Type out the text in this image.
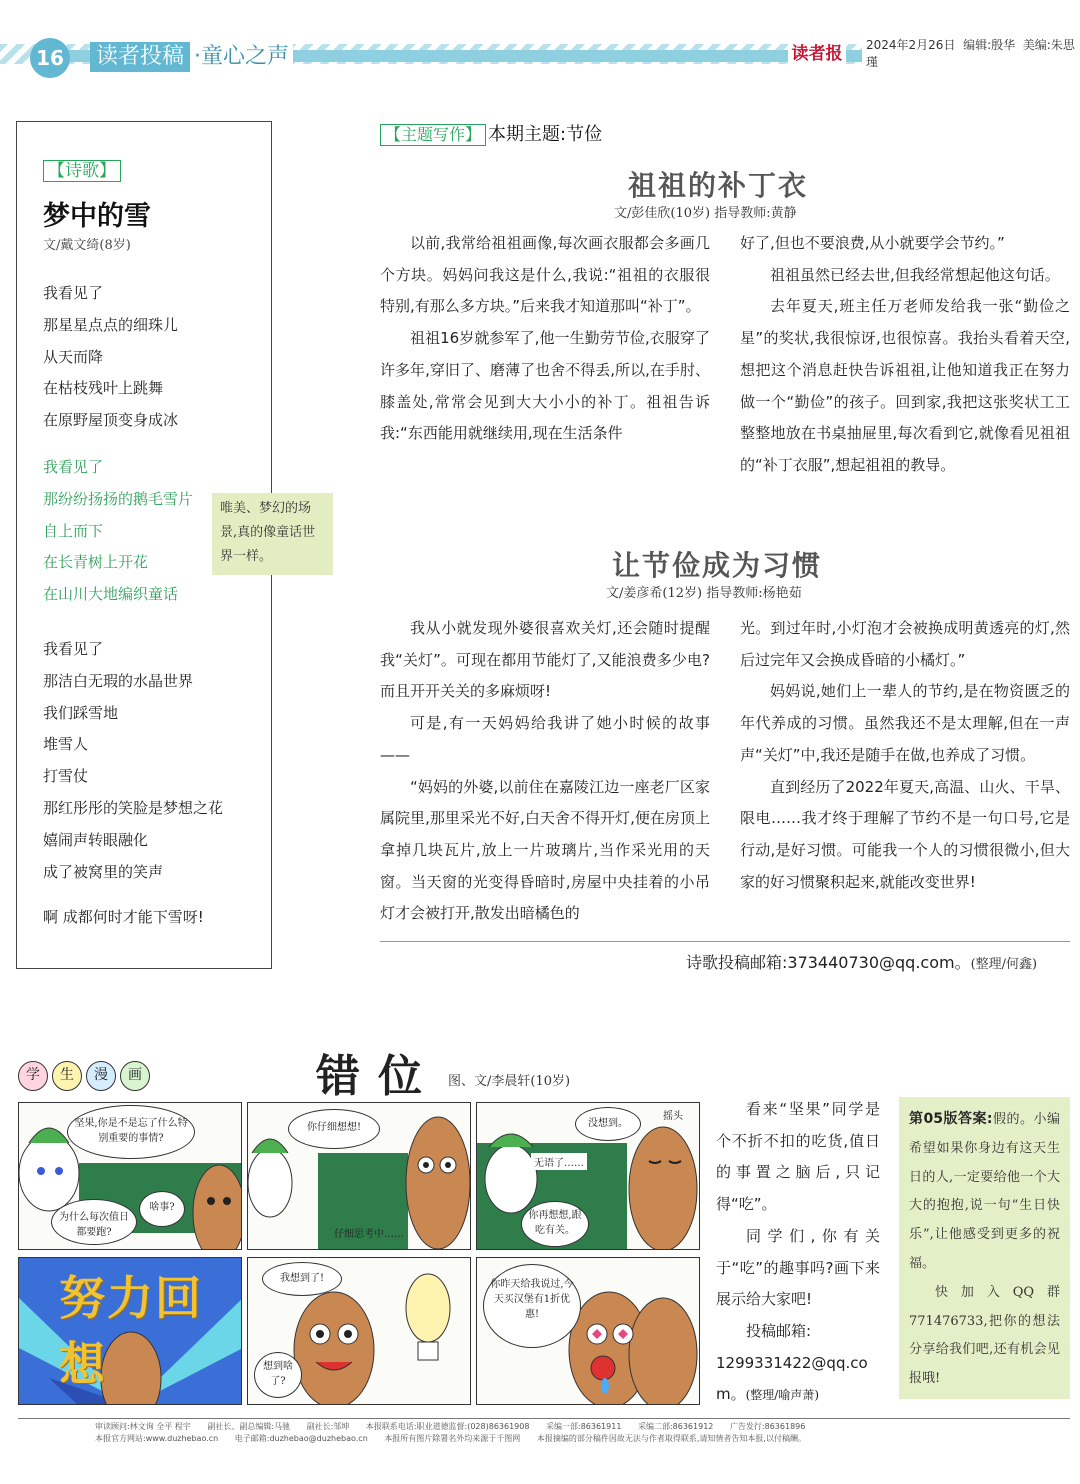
16 读者投稿 ·童心之声	读者报	2024年2月26日 编辑:殷华 美编:朱思瑾
【诗歌】
梦中的雪
文/戴文绮(8岁)
我看见了
那星星点点的细珠儿
从天而降
在枯枝残叶上跳舞
在原野屋顶变身成冰
我看见了
那纷纷扬扬的鹅毛雪片
自上而下
在长青树上开花
在山川大地编织童话
我看见了
那洁白无瑕的水晶世界
我们踩雪地
堆雪人
打雪仗
那红彤彤的笑脸是梦想之花
嬉闹声转眼融化
成了被窝里的笑声
啊 成都何时才能下雪呀!
唯美、梦幻的场景,真的像童话世界一样。
【主题写作】 本期主题:节俭
祖祖的补丁衣
文/彭佳欣(10岁) 指导教师:黄静

以前,我常给祖祖画像,每次画衣服都会多画几个方块。妈妈问我这是什么,我说:“祖祖的衣服很特别,有那么多方块。”后来我才知道那叫“补丁”。

祖祖16岁就参军了,他一生勤劳节俭,衣服穿了许多年,穿旧了、磨薄了也舍不得丢,所以,在手肘、膝盖处,常常会见到大大小小的补丁。祖祖告诉我:“东西能用就继续用,现在生活条件

好了,但也不要浪费,从小就要学会节约。”

祖祖虽然已经去世,但我经常想起他这句话。

去年夏天,班主任万老师发给我一张“勤俭之星”的奖状,我很惊讶,也很惊喜。我抬头看着天空,想把这个消息赶快告诉祖祖,让他知道我正在努力做一个“勤俭”的孩子。回到家,我把这张奖状工工整整地放在书桌抽屉里,每次看到它,就像看见祖祖的“补丁衣服”,想起祖祖的教导。

让节俭成为习惯
文/姜彦希(12岁) 指导教师:杨艳茹

我从小就发现外婆很喜欢关灯,还会随时提醒我“关灯”。可现在都用节能灯了,又能浪费多少电?而且开开关关的多麻烦呀!

可是,有一天妈妈给我讲了她小时候的故事——

“妈妈的外婆,以前住在嘉陵江边一座老厂区家属院里,那里采光不好,白天舍不得开灯,便在房顶上拿掉几块瓦片,放上一片玻璃片,当作采光用的天窗。当天窗的光变得昏暗时,房屋中央挂着的小吊灯才会被打开,散发出暗橘色的

光。到过年时,小灯泡才会被换成明黄透亮的灯,然后过完年又会换成昏暗的小橘灯。”

妈妈说,她们上一辈人的节约,是在物资匮乏的年代养成的习惯。虽然我还不是太理解,但在一声声“关灯”中,我还是随手在做,也养成了习惯。

直到经历了2022年夏天,高温、山火、干旱、限电……我才终于理解了节约不是一句口号,它是行动,是好习惯。可能我一个人的习惯很微小,但大家的好习惯聚积起来,就能改变世界!

诗歌投稿邮箱:373440730@qq.com。(整理/何鑫)
学	生	漫	画	错位 图、文/李晨轩(10岁)
坚果,你是不是忘了什么特别重要的事情?
为什么每次值日都要跑?
啥事?
你仔细想想!
仔细思考中……
没想到。
摇头
无语了……
你再想想,跟吃有关。
努力回想
我想到了!
想到啥了?
你昨天给我说过,今天买汉堡有1折优惠!

看来“坚果”同学是个不折不扣的吃货,值日的事置之脑后,只记得“吃”。

同学们,你有关于“吃”的趣事吗?画下来展示给大家吧!

投稿邮箱:

1299331422@qq.com。(整理/喻声萧)

第05版答案:假的。小编希望如果你身边有这天生日的人,一定要给他一个大大的抱抱,说一句“生日快乐”,让他感受到更多的祝福。

快加入QQ群771476733,把你的想法分享给我们吧,还有机会见报哦!

审读顾问:林文询 全平 程宇 副社长、副总编辑:马驰 副社长:邹坤 本报联系电话:职业道德监督:(028)86361908 采编一部:86361911 采编二部:86361912 广告发行:86361896
本报官方网站:www.duzhebao.cn 电子邮箱:duzhebao@duzhebao.cn 本报所有图片除署名外均来源于千图网 本报摘编的部分稿件因故无法与作者取得联系,请知情者告知本报,以付稿酬。
